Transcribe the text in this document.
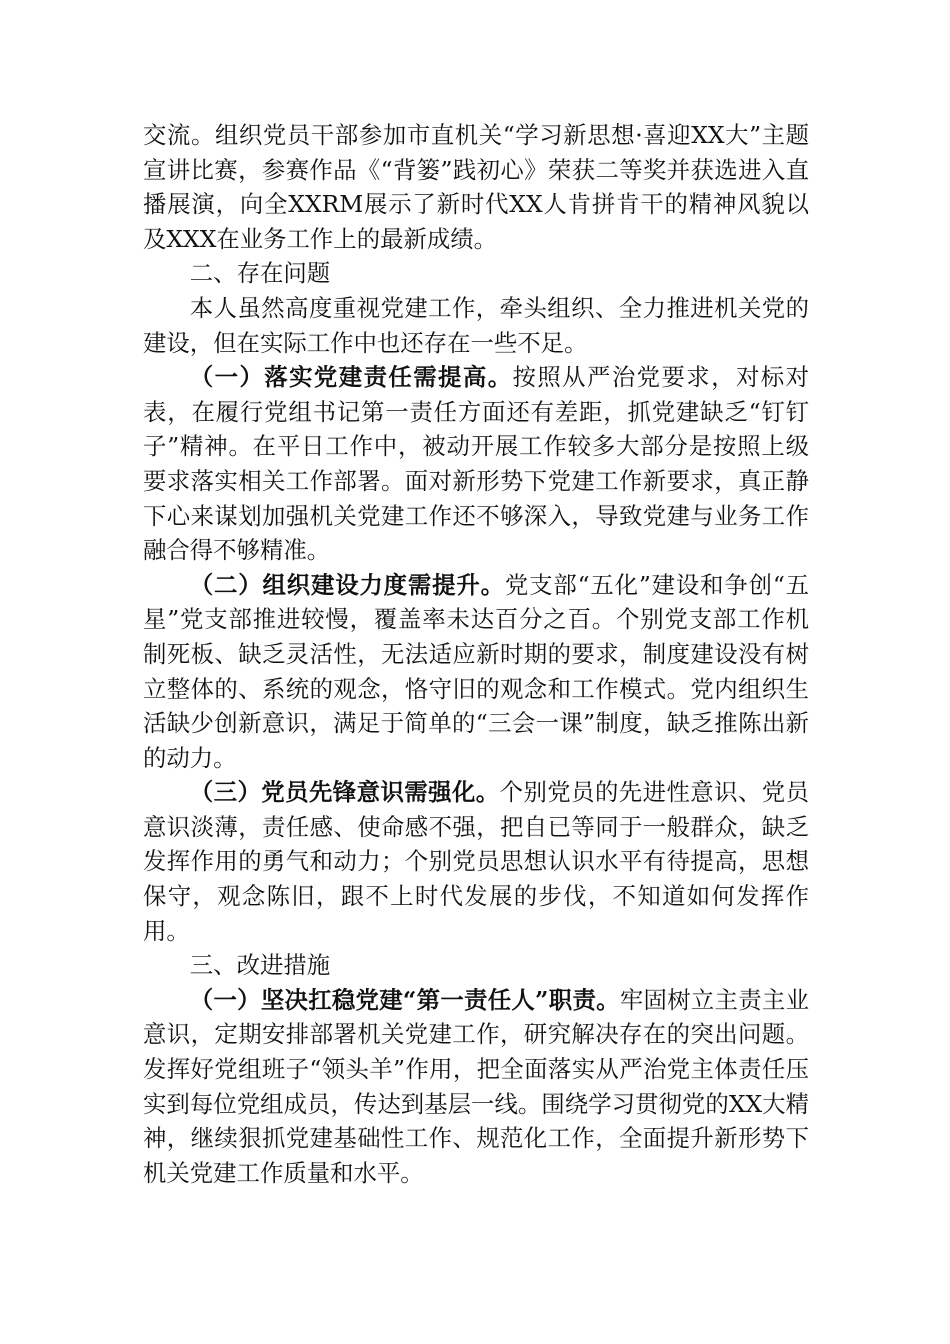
交流。组织党员干部参加市直机关“学习新思想·喜迎XX大”主题宣讲比赛，参赛作品《“背篓”践初心》荣获二等奖并获选进入直播展演，向全XXRM展示了新时代XX人肯拼肯干的精神风貌以及XXX在业务工作上的最新成绩。

二、存在问题

本人虽然高度重视党建工作，牵头组织、全力推进机关党的建设，但在实际工作中也还存在一些不足。

（一）落实党建责任需提高。按照从严治党要求，对标对表，在履行党组书记第一责任方面还有差距，抓党建缺乏“钉钉子”精神。在平日工作中，被动开展工作较多大部分是按照上级要求落实相关工作部署。面对新形势下党建工作新要求，真正静下心来谋划加强机关党建工作还不够深入，导致党建与业务工作融合得不够精准。

（二）组织建设力度需提升。党支部“五化”建设和争创“五星”党支部推进较慢，覆盖率未达百分之百。个别党支部工作机制死板、缺乏灵活性，无法适应新时期的要求，制度建设没有树立整体的、系统的观念，恪守旧的观念和工作模式。党内组织生活缺少创新意识，满足于简单的“三会一课”制度，缺乏推陈出新的动力。

（三）党员先锋意识需强化。个别党员的先进性意识、党员意识淡薄，责任感、使命感不强，把自已等同于一般群众，缺乏发挥作用的勇气和动力；个别党员思想认识水平有待提高，思想保守，观念陈旧，跟不上时代发展的步伐，不知道如何发挥作用。

三、改进措施

（一）坚决扛稳党建“第一责任人”职责。牢固树立主责主业意识，定期安排部署机关党建工作，研究解决存在的突出问题。发挥好党组班子“领头羊”作用，把全面落实从严治党主体责任压实到每位党组成员，传达到基层一线。围绕学习贯彻党的XX大精神，继续狠抓党建基础性工作、规范化工作，全面提升新形势下机关党建工作质量和水平。
